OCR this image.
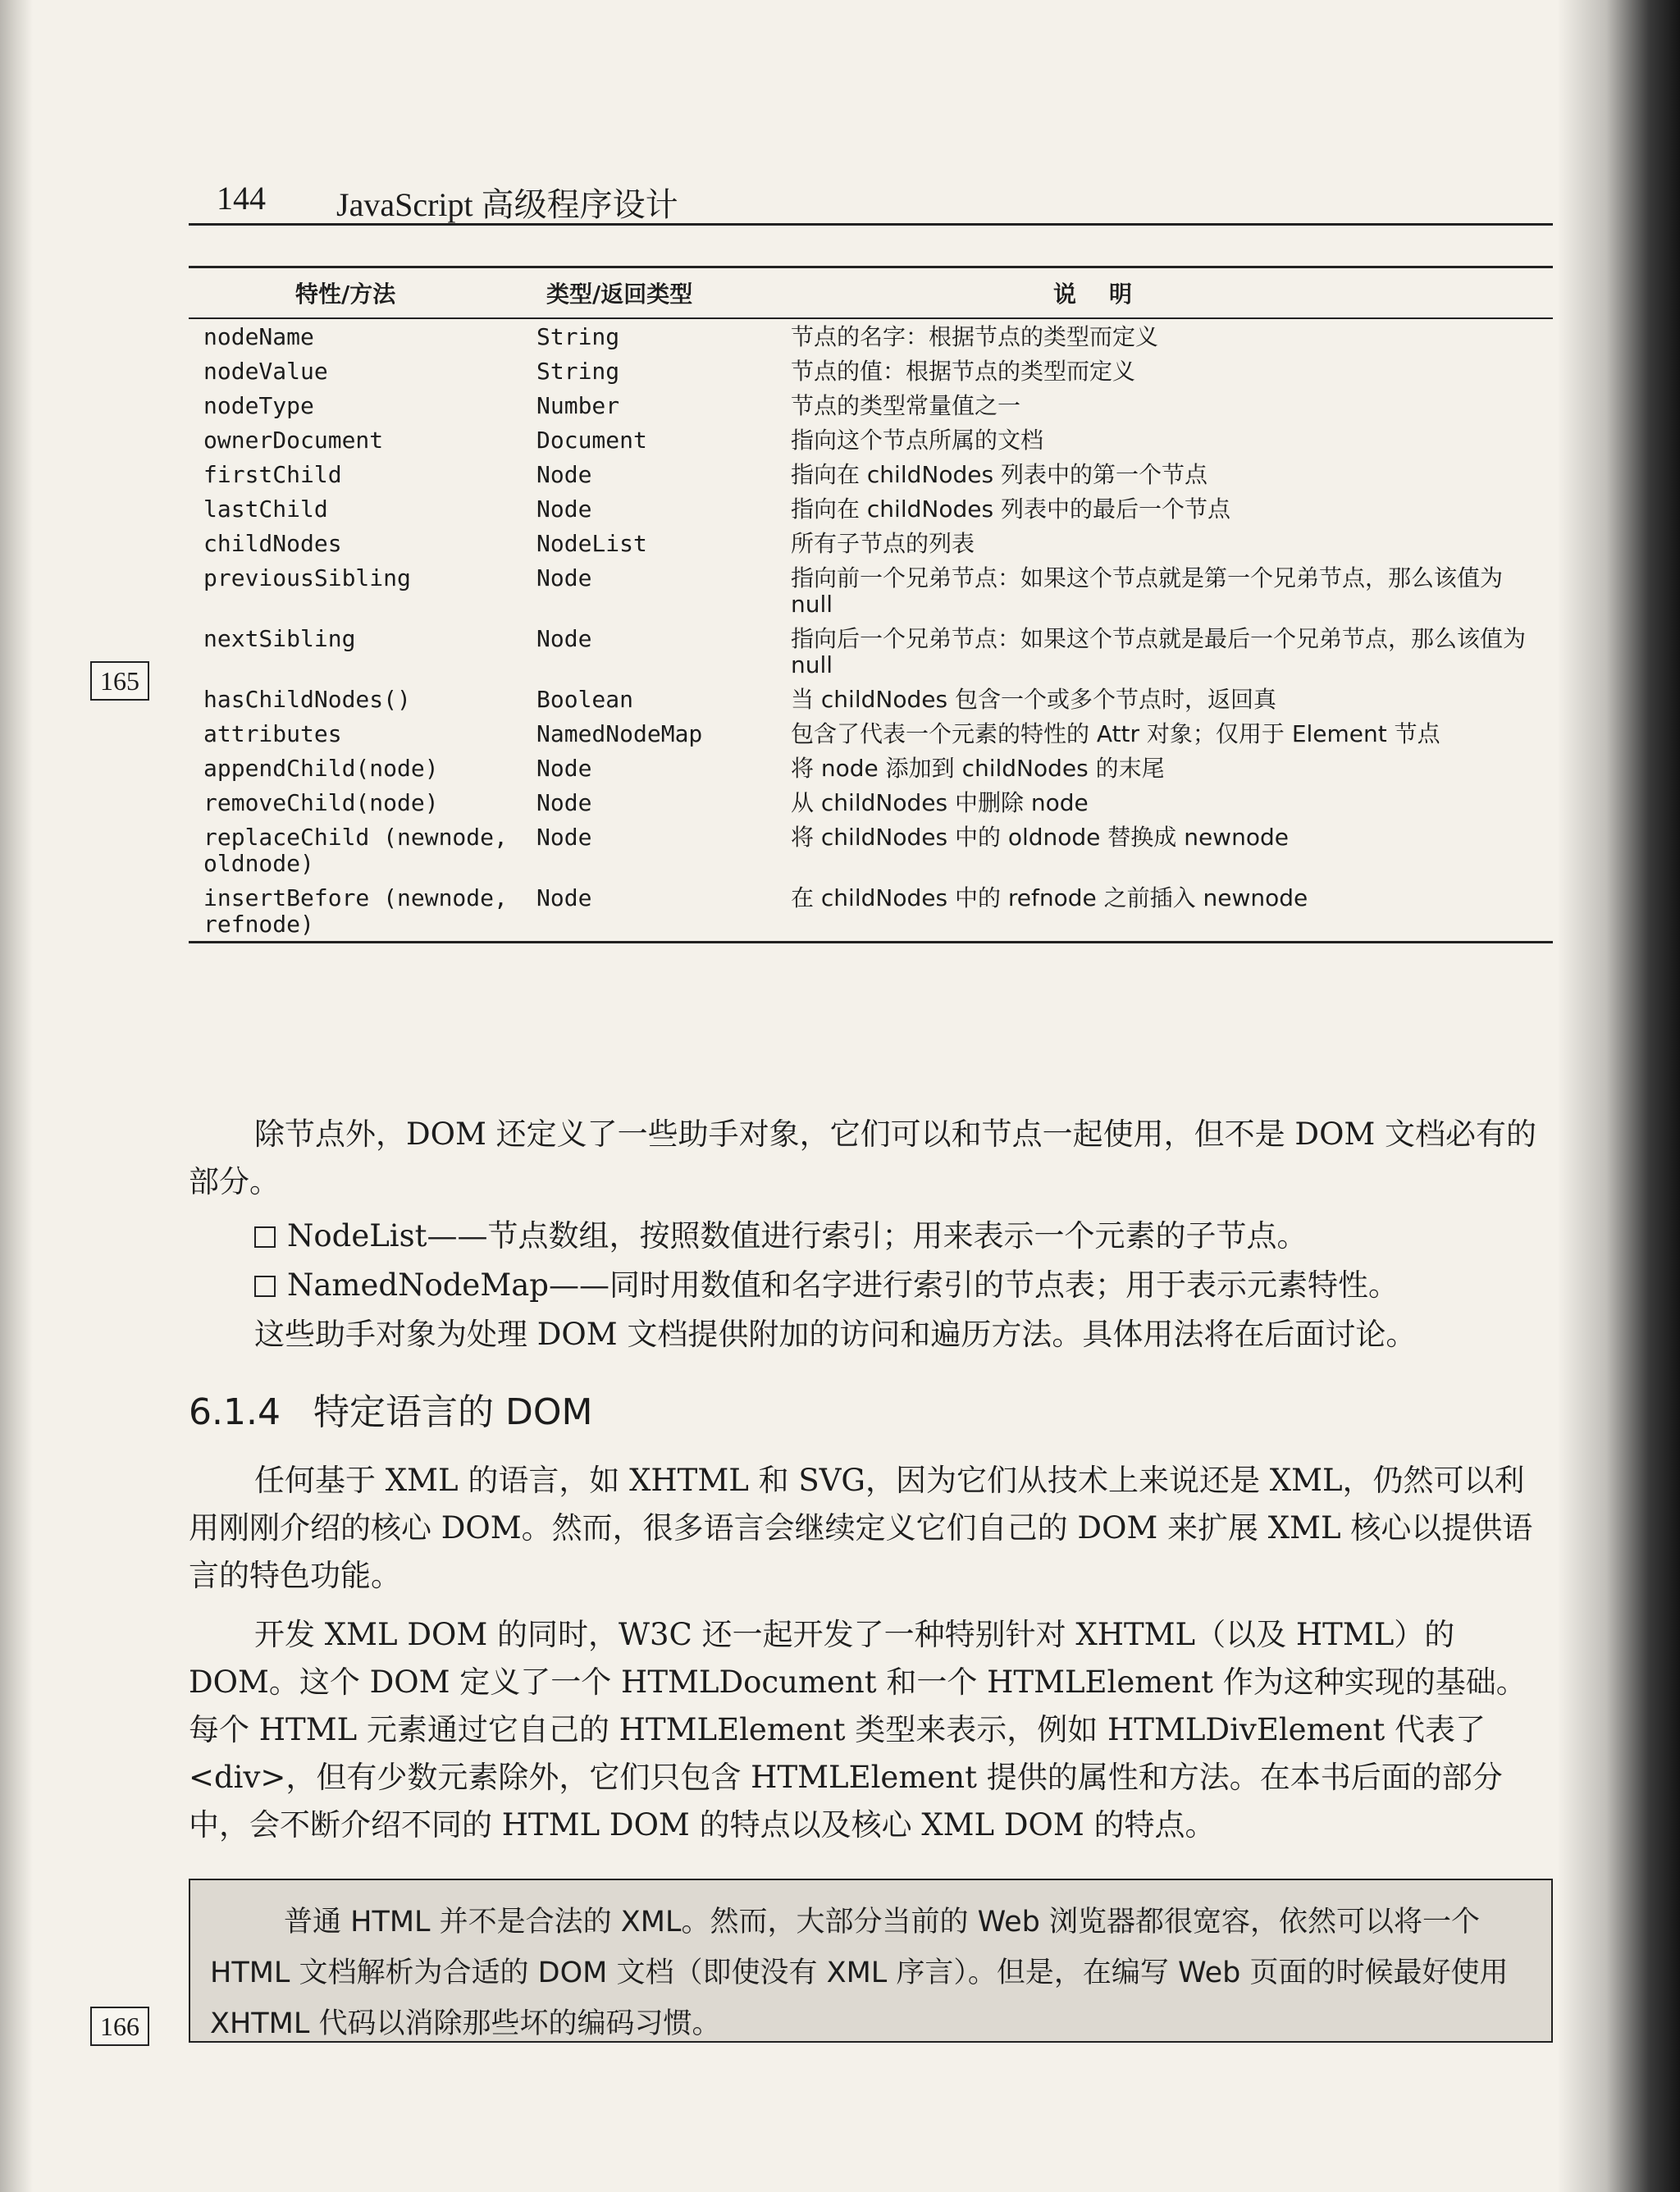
144 JavaScript 高级程序设计
特性/方法	类型/返回类型	说明
nodeName	String	节点的名字：根据节点的类型而定义
nodeValue	String	节点的值：根据节点的类型而定义
nodeType	Number	节点的类型常量值之一
ownerDocument	Document	指向这个节点所属的文档
firstChild	Node	指向在 childNodes 列表中的第一个节点
lastChild	Node	指向在 childNodes 列表中的最后一个节点
childNodes	NodeList	所有子节点的列表
previousSibling	Node	指向前一个兄弟节点：如果这个节点就是第一个兄弟节点，那么该值为 null
nextSibling	Node	指向后一个兄弟节点：如果这个节点就是最后一个兄弟节点，那么该值为 null
hasChildNodes()	Boolean	当 childNodes 包含一个或多个节点时，返回真
attributes	NamedNodeMap	包含了代表一个元素的特性的 Attr 对象；仅用于 Element 节点
appendChild(node)	Node	将 node 添加到 childNodes 的末尾
removeChild(node)	Node	从 childNodes 中删除 node
replaceChild (newnode, oldnode)	Node	将 childNodes 中的 oldnode 替换成 newnode
insertBefore (newnode, refnode)	Node	在 childNodes 中的 refnode 之前插入 newnode
165
除节点外，DOM 还定义了一些助手对象，它们可以和节点一起使用，但不是 DOM 文档必有的部分。
NodeList——节点数组，按照数值进行索引；用来表示一个元素的子节点。
NamedNodeMap——同时用数值和名字进行索引的节点表；用于表示元素特性。
这些助手对象为处理 DOM 文档提供附加的访问和遍历方法。具体用法将在后面讨论。
6.1.4 特定语言的 DOM
任何基于 XML 的语言，如 XHTML 和 SVG，因为它们从技术上来说还是 XML，仍然可以利用刚刚介绍的核心 DOM。然而，很多语言会继续定义它们自己的 DOM 来扩展 XML 核心以提供语言的特色功能。
开发 XML DOM 的同时，W3C 还一起开发了一种特别针对 XHTML（以及 HTML）的 DOM。这个 DOM 定义了一个 HTMLDocument 和一个 HTMLElement 作为这种实现的基础。每个 HTML 元素通过它自己的 HTMLElement 类型来表示，例如 HTMLDivElement 代表了<div>，但有少数元素除外，它们只包含 HTMLElement 提供的属性和方法。在本书后面的部分中，会不断介绍不同的 HTML DOM 的特点以及核心 XML DOM 的特点。
普通 HTML 并不是合法的 XML。然而，大部分当前的 Web 浏览器都很宽容，依然可以将一个 HTML 文档解析为合适的 DOM 文档（即使没有 XML 序言）。但是，在编写 Web 页面的时候最好使用 XHTML 代码以消除那些坏的编码习惯。
166
